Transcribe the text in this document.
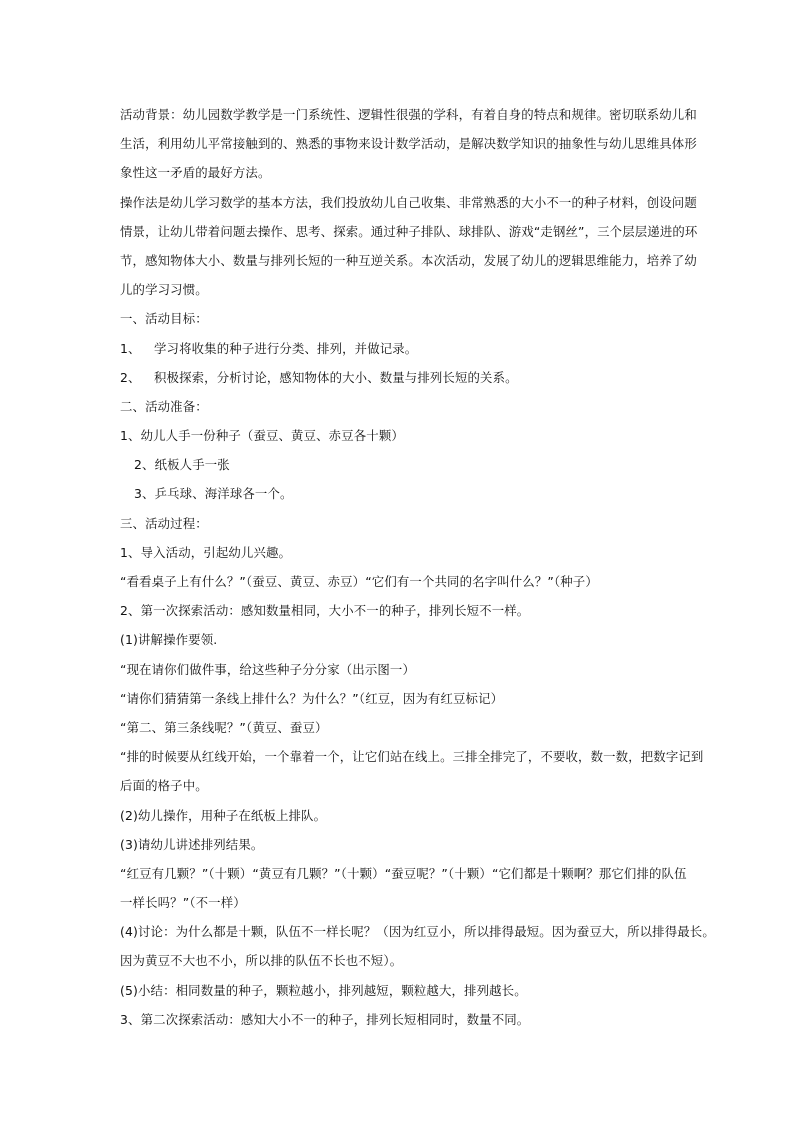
活动背景：幼儿园数学教学是一门系统性、逻辑性很强的学科，有着自身的特点和规律。密切联系幼儿和
生活，利用幼儿平常接触到的、熟悉的事物来设计数学活动，是解决数学知识的抽象性与幼儿思维具体形
象性这一矛盾的最好方法。
操作法是幼儿学习数学的基本方法，我们投放幼儿自己收集、非常熟悉的大小不一的种子材料，创设问题
情景，让幼儿带着问题去操作、思考、探索。通过种子排队、球排队、游戏“走钢丝”，三个层层递进的环
节，感知物体大小、数量与排列长短的一种互逆关系。本次活动，发展了幼儿的逻辑思维能力，培养了幼
儿的学习习惯。
一、活动目标：
1、 学习将收集的种子进行分类、排列，并做记录。
2、 积极探索，分析讨论，感知物体的大小、数量与排列长短的关系。
二、活动准备：
1、幼儿人手一份种子（蚕豆、黄豆、赤豆各十颗）
2、纸板人手一张
3、乒乓球、海洋球各一个。
三、活动过程：
1、导入活动，引起幼儿兴趣。
“看看桌子上有什么？”（蚕豆、黄豆、赤豆）“它们有一个共同的名字叫什么？”（种子）
2、第一次探索活动：感知数量相同，大小不一的种子，排列长短不一样。
(1)讲解操作要领.
“现在请你们做件事，给这些种子分分家（出示图一）
“请你们猜猜第一条线上排什么？为什么？”（红豆，因为有红豆标记）
“第二、第三条线呢？”（黄豆、蚕豆）
“排的时候要从红线开始，一个靠着一个，让它们站在线上。三排全排完了，不要收，数一数，把数字记到
后面的格子中。
(2)幼儿操作，用种子在纸板上排队。
(3)请幼儿讲述排列结果。
“红豆有几颗？”（十颗）“黄豆有几颗？”（十颗）“蚕豆呢？”（十颗）“它们都是十颗啊？那它们排的队伍
一样长吗？”（不一样）
(4)讨论：为什么都是十颗，队伍不一样长呢？（因为红豆小，所以排得最短。因为蚕豆大，所以排得最长。
因为黄豆不大也不小，所以排的队伍不长也不短）。
(5)小结：相同数量的种子，颗粒越小，排列越短，颗粒越大，排列越长。
3、第二次探索活动：感知大小不一的种子，排列长短相同时，数量不同。
